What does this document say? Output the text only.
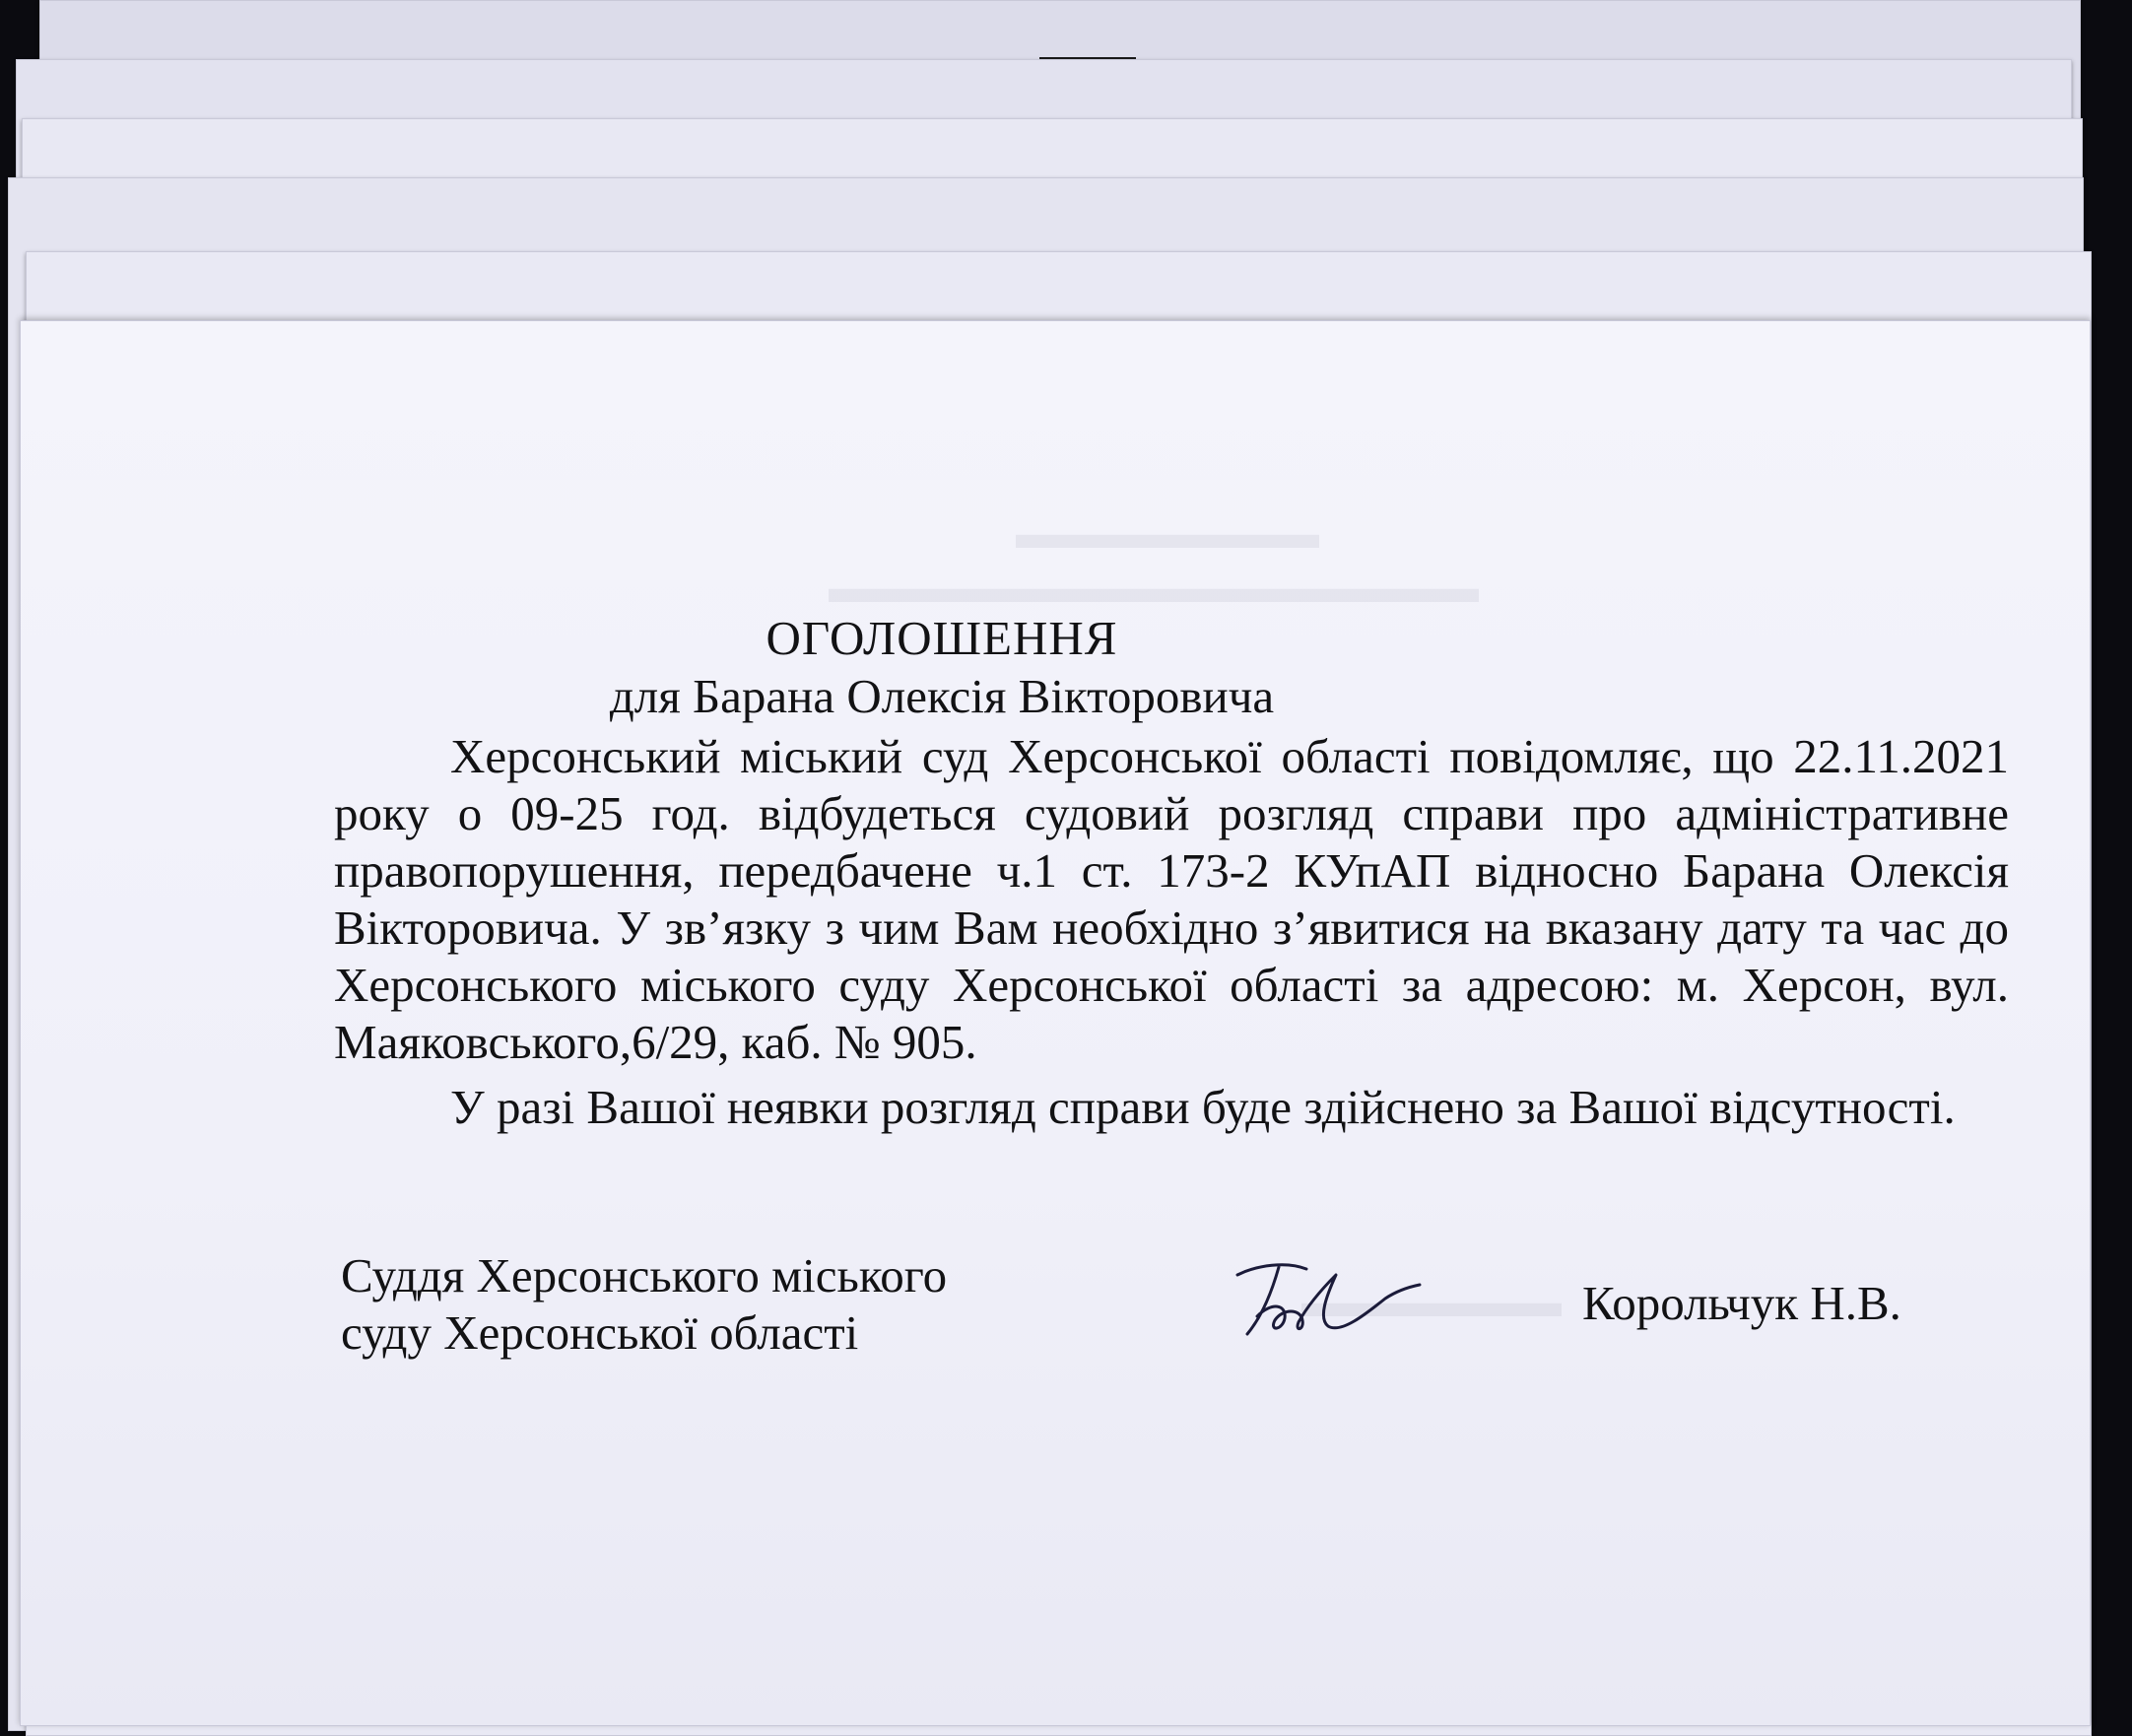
▬▬▬▬▬▬▬
▬▬▬▬▬▬▬▬▬▬▬▬▬▬▬
▬▬▬▬▬▬
ОГОЛОШЕННЯ
для Барана Олексія Вікторовича

Херсонський міський суд Херсонської області повідомляє, що 22.11.2021 року о 09-25 год. відбудеться судовий розгляд справи про адміністративне правопорушення, передбачене ч.1 ст. 173-2 КУпАП відносно Барана Олексія Вікторовича. У зв’язку з чим Вам необхідно з’явитися на вказану дату та час до Херсонського міського суду Херсонської області за адресою: м. Херсон, вул. Маяковського,6/29, каб. № 905.

У разі Вашої неявки розгляд справи буде здійснено за Вашої відсутності.

Суддя Херсонського міського
суду Херсонської області
Корольчук Н.В.
